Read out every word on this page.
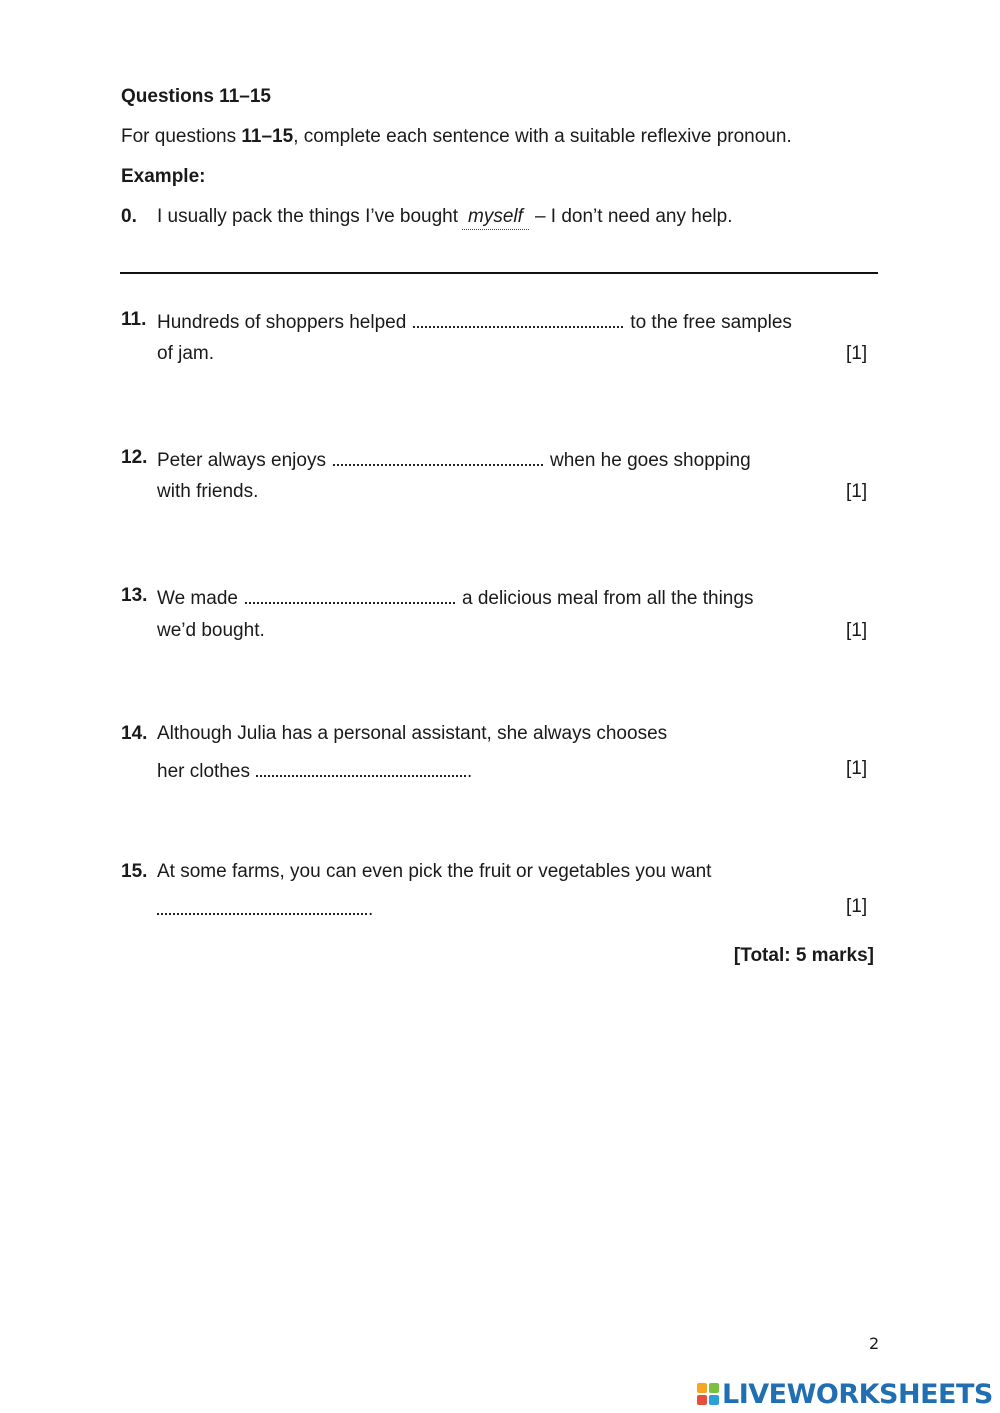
Questions 11–15
For questions 11–15, complete each sentence with a suitable reflexive pronoun.
Example:
0. I usually pack the things I’ve bought myself – I don’t need any help.
11. Hundreds of shoppers helped	to the free samples
of jam.	[1]
12. Peter always enjoys	when he goes shopping
with friends.	[1]
13. We made	a delicious meal from all the things
we’d bought.	[1]
14. Although Julia has a personal assistant, she always chooses
her clothes	.	[1]
15. At some farms, you can even pick the fruit or vegetables you want
.	[1]
[Total: 5 marks]
2
LIVEWORKSHEETS
